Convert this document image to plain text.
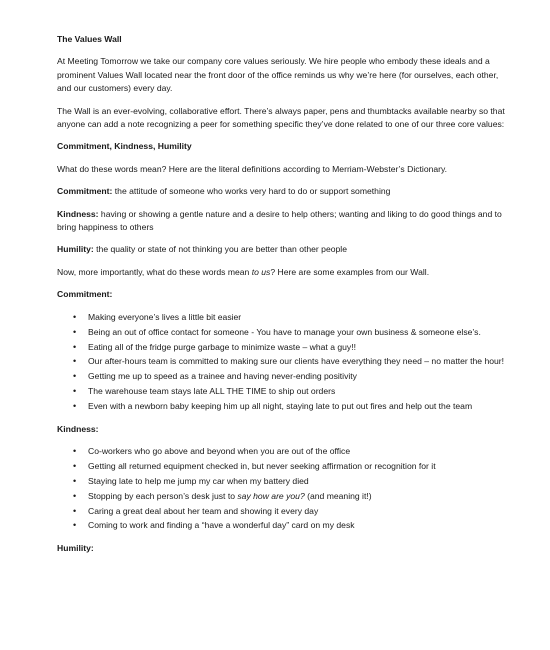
The Values Wall

At Meeting Tomorrow we take our company core values seriously. We hire people who embody these ideals and a prominent Values Wall located near the front door of the office reminds us why we’re here (for ourselves, each other, and our customers) every day.

The Wall is an ever-evolving, collaborative effort. There’s always paper, pens and thumbtacks available nearby so that anyone can add a note recognizing a peer for something specific they’ve done related to one of our three core values:

Commitment, Kindness, Humility

What do these words mean? Here are the literal definitions according to Merriam-Webster’s Dictionary.

Commitment: the attitude of someone who works very hard to do or support something

Kindness: having or showing a gentle nature and a desire to help others; wanting and liking to do good things and to bring happiness to others

Humility: the quality or state of not thinking you are better than other people

Now, more importantly, what do these words mean to us? Here are some examples from our Wall.

Commitment:
• Making everyone’s lives a little bit easier
• Being an out of office contact for someone - You have to manage your own business & someone else’s.
• Eating all of the fridge purge garbage to minimize waste – what a guy!!
• Our after-hours team is committed to making sure our clients have everything they need – no matter the hour!
• Getting me up to speed as a trainee and having never-ending positivity
• The warehouse team stays late ALL THE TIME to ship out orders
• Even with a newborn baby keeping him up all night, staying late to put out fires and help out the team
Kindness:
• Co-workers who go above and beyond when you are out of the office
• Getting all returned equipment checked in, but never seeking affirmation or recognition for it
• Staying late to help me jump my car when my battery died
• Stopping by each person’s desk just to say how are you? (and meaning it!)
• Caring a great deal about her team and showing it every day
• Coming to work and finding a “have a wonderful day” card on my desk
Humility:
